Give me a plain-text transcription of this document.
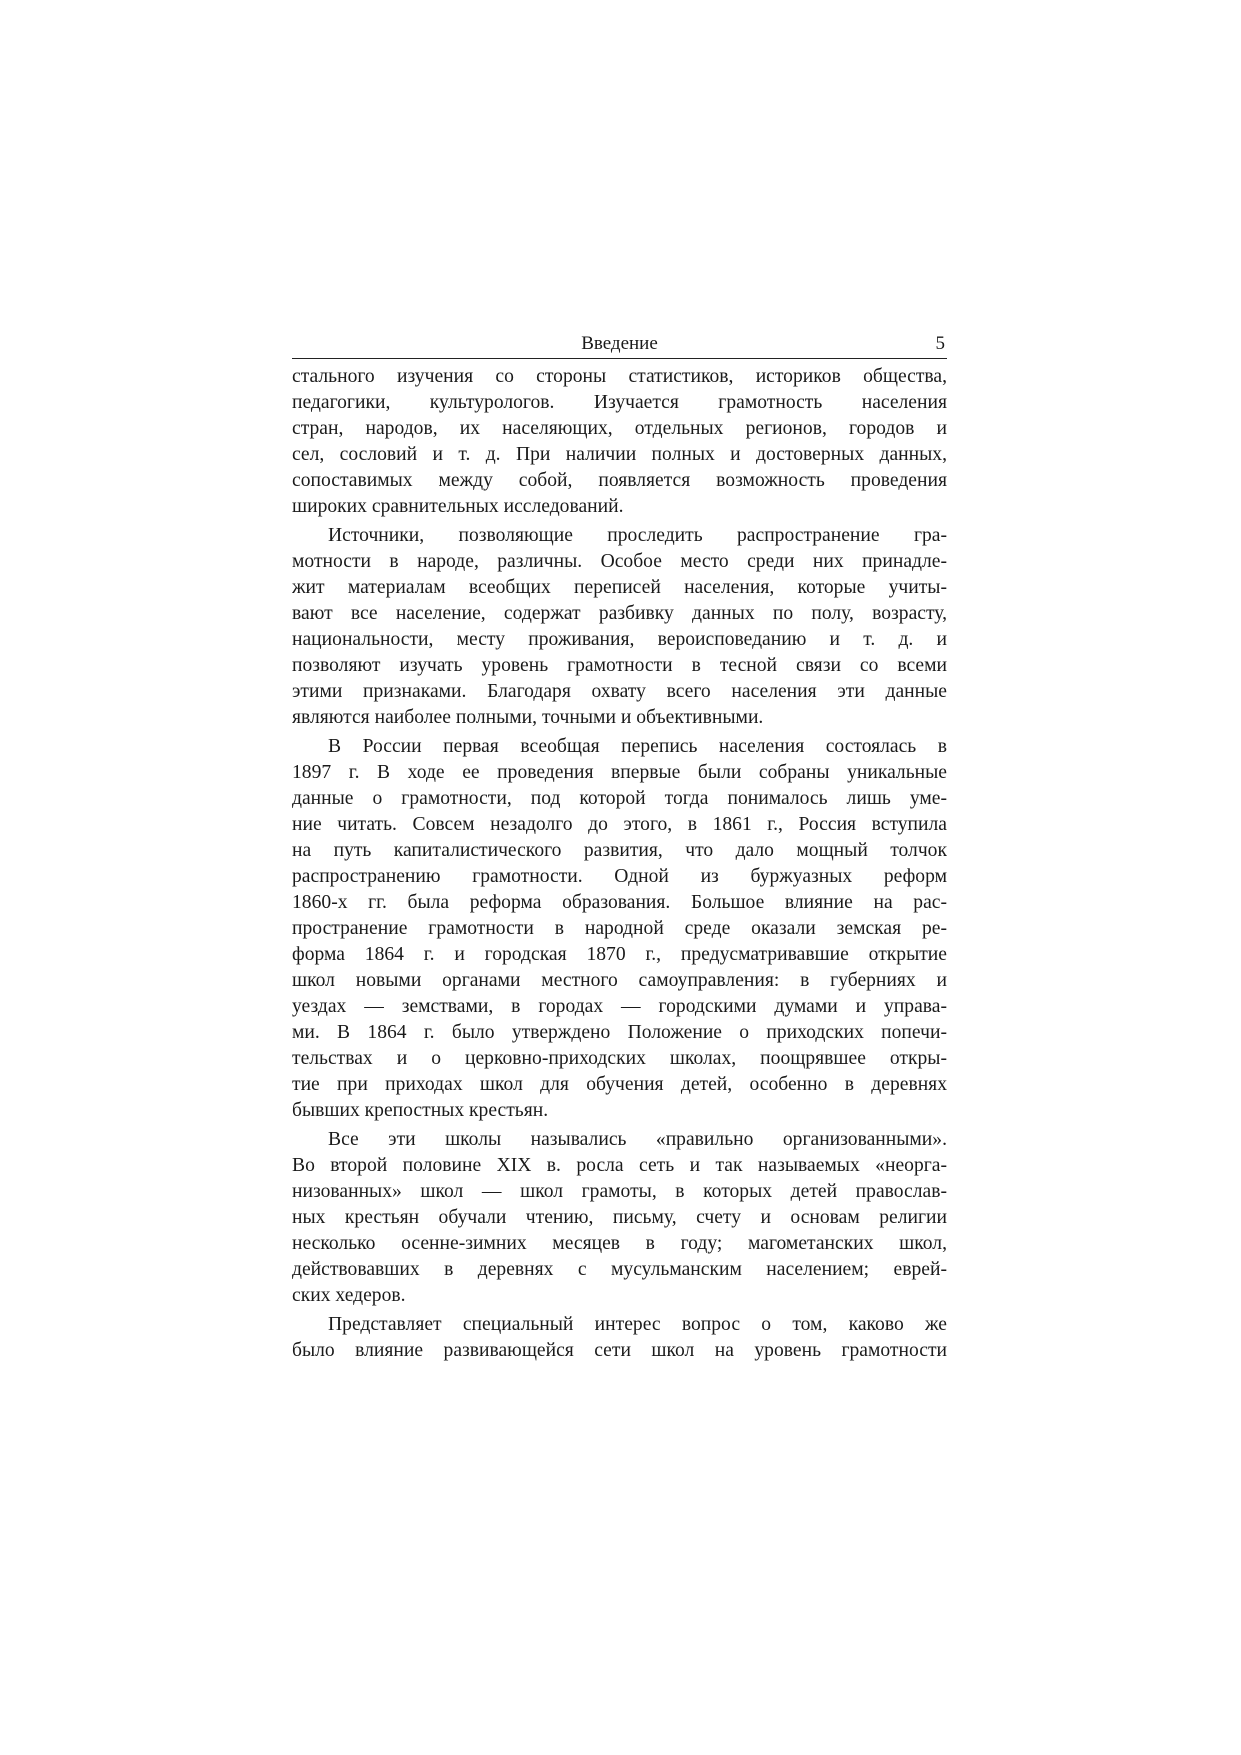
Введение	5
стального изучения со стороны статистиков, историков общества,
педагогики, культурологов. Изучается грамотность населения
стран, народов, их населяющих, отдельных регионов, городов и
сел, сословий и т. д. При наличии полных и достоверных данных,
сопоставимых между собой, появляется возможность проведения
широких сравнительных исследований.
Источники, позволяющие проследить распространение гра-
мотности в народе, различны. Особое место среди них принадле-
жит материалам всеобщих переписей населения, которые учиты-
вают все население, содержат разбивку данных по полу, возрасту,
национальности, месту проживания, вероисповеданию и т. д. и
позволяют изучать уровень грамотности в тесной связи со всеми
этими признаками. Благодаря охвату всего населения эти данные
являются наиболее полными, точными и объективными.
В России первая всеобщая перепись населения состоялась в
1897 г. В ходе ее проведения впервые были собраны уникальные
данные о грамотности, под которой тогда понималось лишь уме-
ние читать. Совсем незадолго до этого, в 1861 г., Россия вступила
на путь капиталистического развития, что дало мощный толчок
распространению грамотности. Одной из буржуазных реформ
1860-х гг. была реформа образования. Большое влияние на рас-
пространение грамотности в народной среде оказали земская ре-
форма 1864 г. и городская 1870 г., предусматривавшие открытие
школ новыми органами местного самоуправления: в губерниях и
уездах — земствами, в городах — городскими думами и управа-
ми. В 1864 г. было утверждено Положение о приходских попечи-
тельствах и о церковно-приходских школах, поощрявшее откры-
тие при приходах школ для обучения детей, особенно в деревнях
бывших крепостных крестьян.
Все эти школы назывались «правильно организованными».
Во второй половине XIX в. росла сеть и так называемых «неорга-
низованных» школ — школ грамоты, в которых детей православ-
ных крестьян обучали чтению, письму, счету и основам религии
несколько осенне-зимних месяцев в году; магометанских школ,
действовавших в деревнях с мусульманским населением; еврей-
ских хедеров.
Представляет специальный интерес вопрос о том, каково же
было влияние развивающейся сети школ на уровень грамотности
